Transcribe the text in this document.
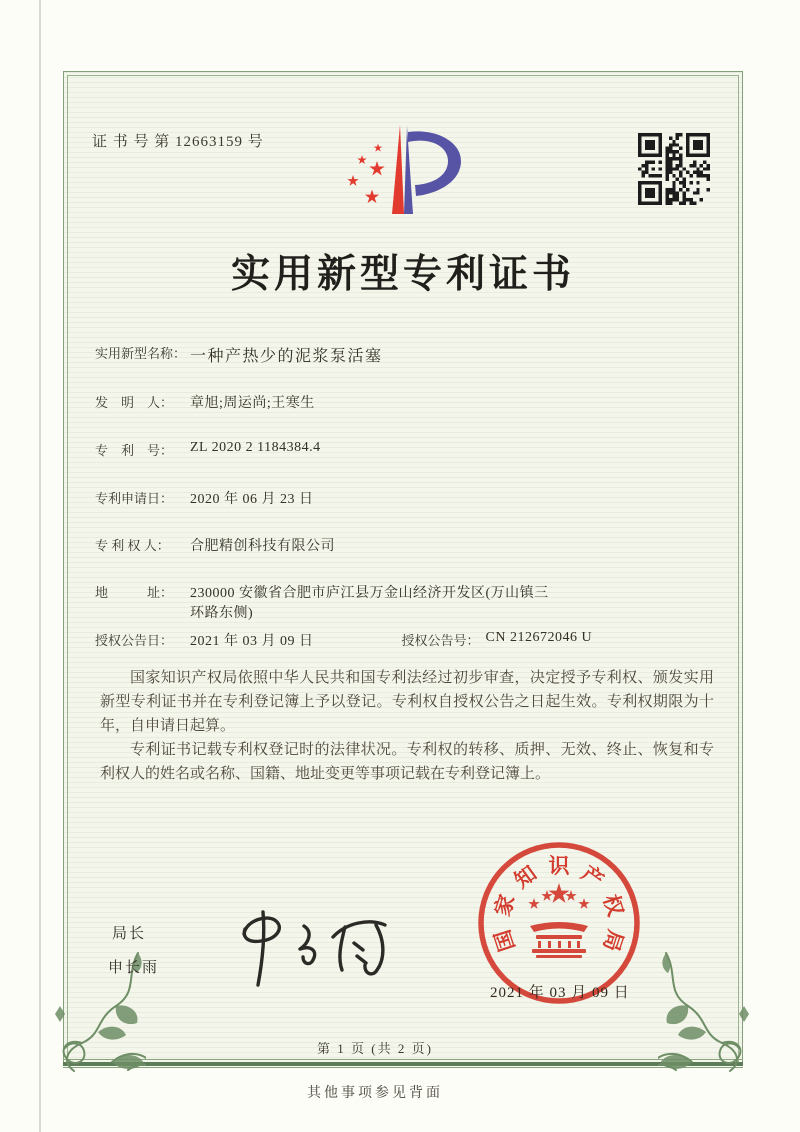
证 书 号 第 12663159 号
实用新型专利证书
实用新型名称： 一种产热少的泥浆泵活塞
发　明　人：	章旭;周运尚;王寒生
专　利　号：	ZL 2020 2 1184384.4
专利申请日：	2020 年 06 月 23 日
专 利 权 人：	合肥精创科技有限公司
地　　　址：	230000 安徽省合肥市庐江县万金山经济开发区(万山镇三
环路东侧)
授权公告日：	2021 年 03 月 09 日	授权公告号： CN 212672046 U

国家知识产权局依照中华人民共和国专利法经过初步审查，决定授予专利权、颁发实用新型专利证书并在专利登记簿上予以登记。专利权自授权公告之日起生效。专利权期限为十年，自申请日起算。

专利证书记载专利权登记时的法律状况。专利权的转移、质押、无效、终止、恢复和专利权人的姓名或名称、国籍、地址变更等事项记载在专利登记簿上。

局长
申长雨
国
家
知 识 产
权
局
2021 年 03 月 09 日
第 1 页 (共 2 页)
其他事项参见背面
